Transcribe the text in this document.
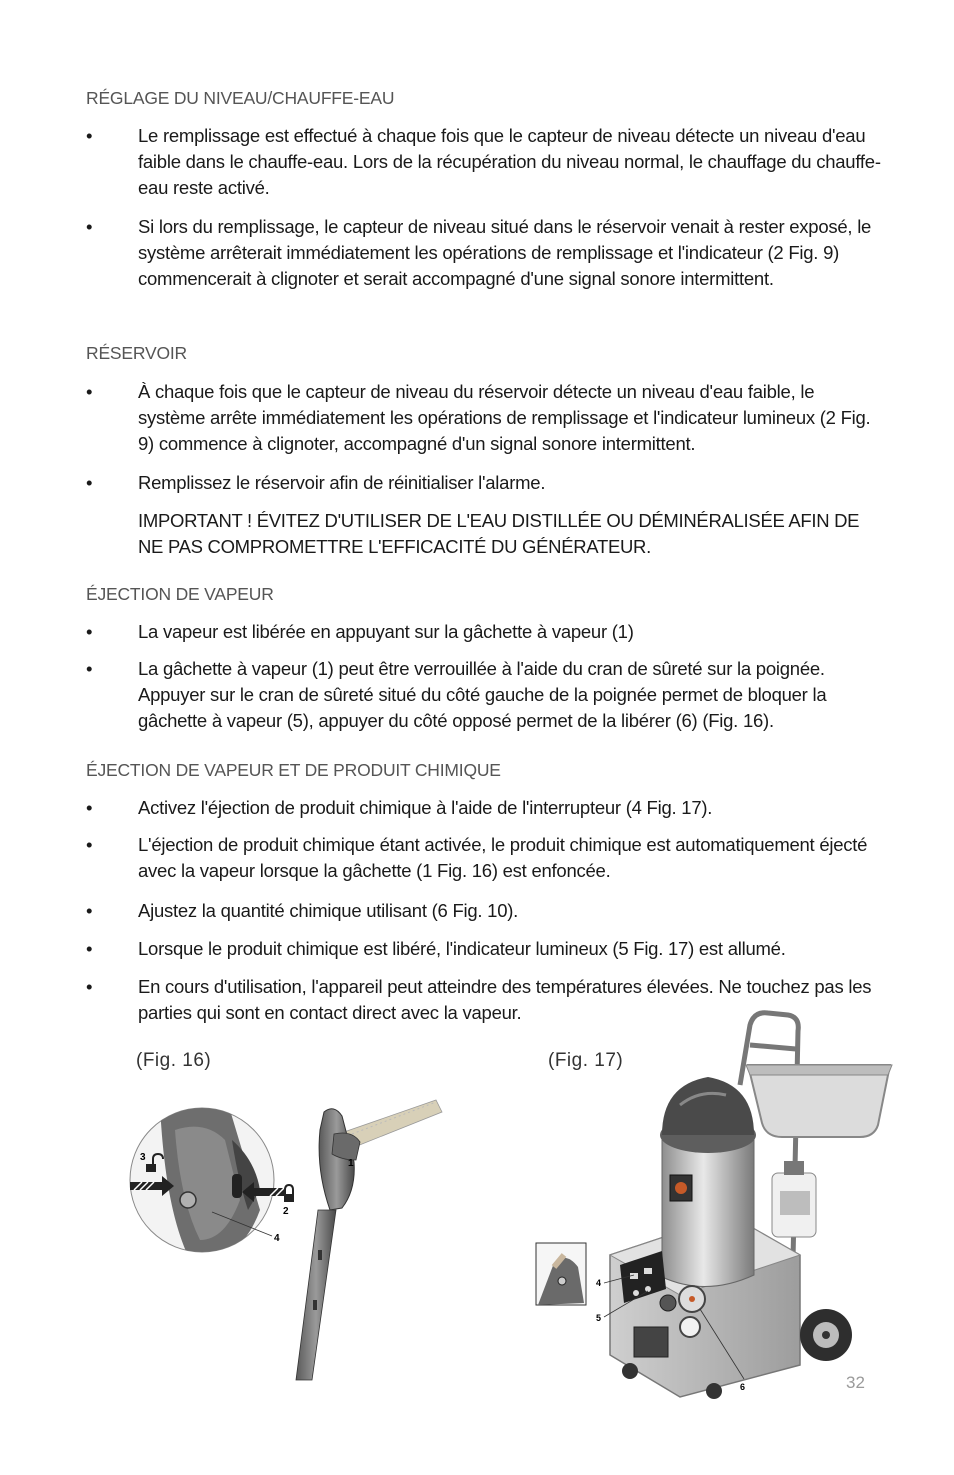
RÉGLAGE DU NIVEAU/CHAUFFE-EAU
•	Le remplissage est effectué à chaque fois que le capteur de niveau détecte un niveau d'eau faible dans le chauffe-eau. Lors de la récupération du niveau normal, le chauffage du chauffe-eau reste activé.
•	Si lors du remplissage, le capteur de niveau situé dans le réservoir venait à rester exposé, le système arrêterait immédiatement les opérations de remplissage et l'indicateur (2 Fig. 9) commencerait à clignoter et serait accompagné d'une signal sonore intermittent.
RÉSERVOIR
•	À chaque fois que le capteur de niveau du réservoir détecte un niveau d'eau faible, le système arrête immédiatement les opérations de remplissage et l'indicateur lumineux (2 Fig. 9) commence à clignoter, accompagné d'un signal sonore intermittent.
•	Remplissez le réservoir afin de réinitialiser l'alarme.
IMPORTANT ! ÉVITEZ D'UTILISER DE L'EAU DISTILLÉE OU DÉMINÉRALISÉE AFIN DE NE PAS COMPROMETTRE L'EFFICACITÉ DU GÉNÉRATEUR.
ÉJECTION DE VAPEUR
•	La vapeur est libérée en appuyant sur la gâchette à vapeur (1)
•	La gâchette à vapeur (1) peut être verrouillée à l'aide du cran de sûreté sur la poignée. Appuyer sur le cran de sûreté situé du côté gauche de la poignée permet de bloquer la gâchette à vapeur (5), appuyer du côté opposé permet de la libérer (6) (Fig. 16).
ÉJECTION DE VAPEUR ET DE PRODUIT CHIMIQUE
•	Activez l'éjection de produit chimique à l'aide de l'interrupteur (4 Fig. 17).
•	L'éjection de produit chimique étant activée, le produit chimique est automatiquement éjecté avec la vapeur lorsque la gâchette (1 Fig. 16) est enfoncée.
•	Ajustez la quantité chimique utilisant (6 Fig. 10).
•	Lorsque le produit chimique est libéré, l'indicateur lumineux (5 Fig. 17) est allumé.
•	En cours d'utilisation, l'appareil peut atteindre des températures élevées. Ne touchez pas les parties qui sont en contact direct avec la vapeur.
(Fig. 16)	(Fig. 17)
3
2
4
1
4
5
6	32
